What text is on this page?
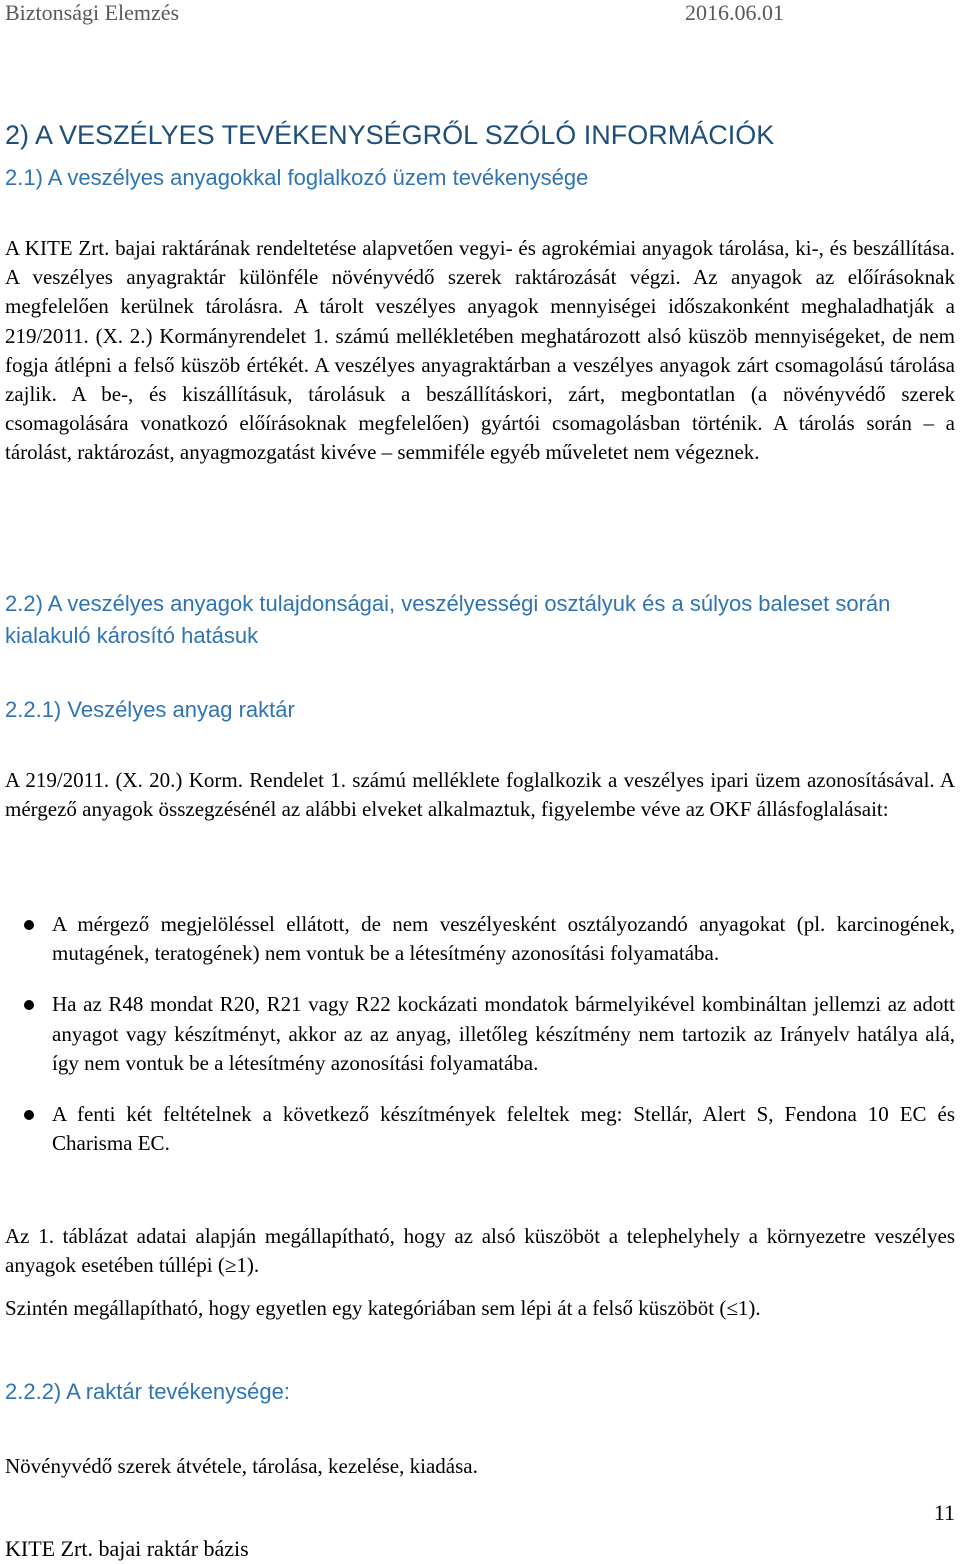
Biztonsági Elemzés	2016.06.01
2) A VESZÉLYES TEVÉKENYSÉGRŐL SZÓLÓ INFORMÁCIÓK
2.1) A veszélyes anyagokkal foglalkozó üzem tevékenysége

A KITE Zrt. bajai raktárának rendeltetése alapvetően vegyi- és agrokémiai anyagok tárolása, ki-, és beszállítása. A veszélyes anyagraktár különféle növényvédő szerek raktározását végzi. Az anyagok az előírásoknak megfelelően kerülnek tárolásra. A tárolt veszélyes anyagok mennyiségei időszakonként meghaladhatják a 219/2011. (X. 2.) Kormányrendelet 1. számú mellékletében meghatározott alsó küszöb mennyiségeket, de nem fogja átlépni a felső küszöb értékét. A veszélyes anyagraktárban a veszélyes anyagok zárt csomagolású tárolása zajlik. A be-, és kiszállításuk, tárolásuk a beszállításkori, zárt, megbontatlan (a növényvédő szerek csomagolására vonatkozó előírásoknak megfelelően) gyártói csomagolásban történik. A tárolás során – a tárolást, raktározást, anyagmozgatást kivéve – semmiféle egyéb műveletet nem végeznek.

2.2) A veszélyes anyagok tulajdonságai, veszélyességi osztályuk és a súlyos baleset során kialakuló károsító hatásuk
2.2.1) Veszélyes anyag raktár

A 219/2011. (X. 20.) Korm. Rendelet 1. számú melléklete foglalkozik a veszélyes ipari üzem azonosításával. A mérgező anyagok összegzésénél az alábbi elveket alkalmaztuk, figyelembe véve az OKF állásfoglalásait:

A mérgező megjelöléssel ellátott, de nem veszélyesként osztályozandó anyagokat (pl. karcinogének, mutagének, teratogének) nem vontuk be a létesítmény azonosítási folyamatába.
Ha az R48 mondat R20, R21 vagy R22 kockázati mondatok bármelyikével kombináltan jellemzi az adott anyagot vagy készítményt, akkor az az anyag, illetőleg készítmény nem tartozik az Irányelv hatálya alá, így nem vontuk be a létesítmény azonosítási folyamatába.
A fenti két feltételnek a következő készítmények feleltek meg: Stellár, Alert S, Fendona 10 EC és Charisma EC.

Az 1. táblázat adatai alapján megállapítható, hogy az alsó küszöböt a telephelyhely a környezetre veszélyes anyagok esetében túllépi (≥1).

Szintén megállapítható, hogy egyetlen egy kategóriában sem lépi át a felső küszöböt (≤1).

2.2.2) A raktár tevékenysége:

Növényvédő szerek átvétele, tárolása, kezelése, kiadása.

11
KITE Zrt. bajai raktár bázis
